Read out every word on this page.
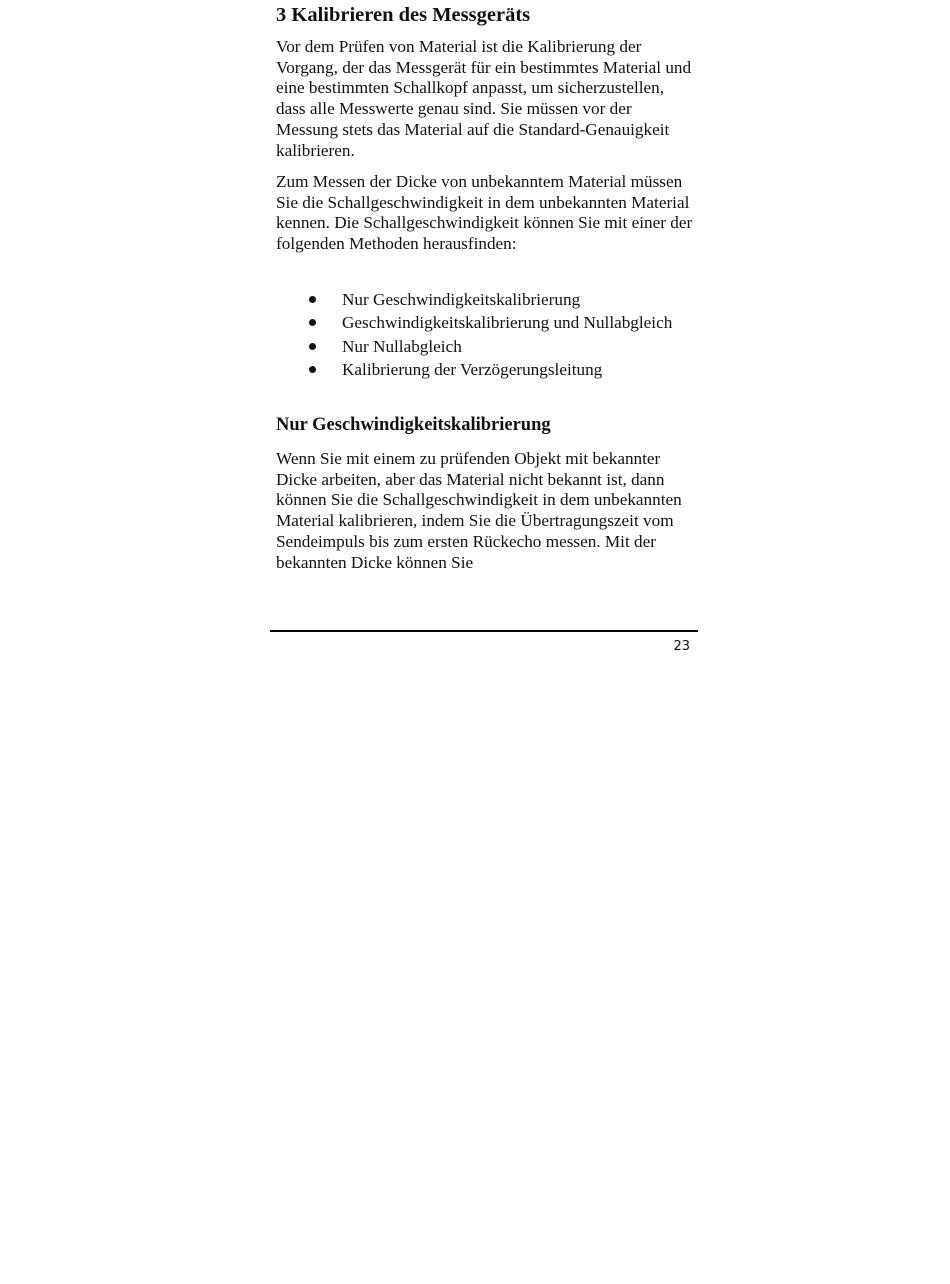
3 Kalibrieren des Messgeräts

Vor dem Prüfen von Material ist die Kalibrierung der Vorgang, der das Messgerät für ein bestimmtes Material und eine bestimmten Schallkopf anpasst, um sicherzustellen, dass alle Messwerte genau sind. Sie müssen vor der Messung stets das Material auf die Standard-Genauigkeit kalibrieren.

Zum Messen der Dicke von unbekanntem Material müssen Sie die Schallgeschwindigkeit in dem unbekannten Material kennen. Die Schallgeschwindigkeit können Sie mit einer der folgenden Methoden herausfinden:

Nur Geschwindigkeitskalibrierung
Geschwindigkeitskalibrierung und Nullabgleich
Nur Nullabgleich
Kalibrierung der Verzögerungsleitung
Nur Geschwindigkeitskalibrierung

Wenn Sie mit einem zu prüfenden Objekt mit bekannter Dicke arbeiten, aber das Material nicht bekannt ist, dann können Sie die Schallgeschwindigkeit in dem unbekannten Material kalibrieren, indem Sie die Übertragungszeit vom Sendeimpuls bis zum ersten Rückecho messen. Mit der bekannten Dicke können Sie

23
